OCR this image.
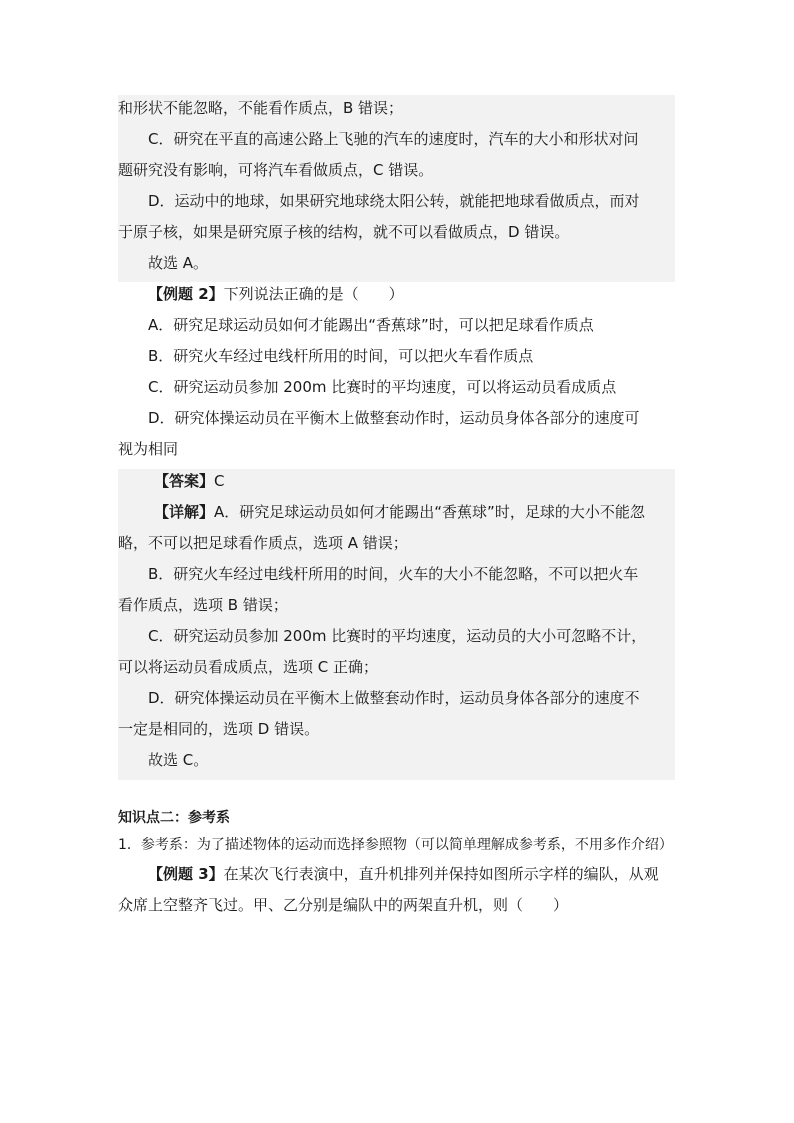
和形状不能忽略，不能看作质点，B 错误；
C．研究在平直的高速公路上飞驰的汽车的速度时，汽车的大小和形状对问
题研究没有影响，可将汽车看做质点，C 错误。
D．运动中的地球，如果研究地球绕太阳公转，就能把地球看做质点，而对
于原子核，如果是研究原子核的结构，就不可以看做质点，D 错误。
故选 A。
【例题 2】下列说法正确的是（　　）
A．研究足球运动员如何才能踢出“香蕉球”时，可以把足球看作质点
B．研究火车经过电线杆所用的时间，可以把火车看作质点
C．研究运动员参加 200m 比赛时的平均速度，可以将运动员看成质点
D．研究体操运动员在平衡木上做整套动作时，运动员身体各部分的速度可
视为相同
【答案】C
【详解】A．研究足球运动员如何才能踢出“香蕉球”时，足球的大小不能忽
略，不可以把足球看作质点，选项 A 错误；
B．研究火车经过电线杆所用的时间，火车的大小不能忽略，不可以把火车
看作质点，选项 B 错误；
C．研究运动员参加 200m 比赛时的平均速度，运动员的大小可忽略不计，
可以将运动员看成质点，选项 C 正确；
D．研究体操运动员在平衡木上做整套动作时，运动员身体各部分的速度不
一定是相同的，选项 D 错误。
故选 C。
知识点二：参考系
1．参考系：为了描述物体的运动而选择参照物（可以简单理解成参考系，不用多作介绍）
【例题 3】在某次飞行表演中，直升机排列并保持如图所示字样的编队，从观
众席上空整齐飞过。甲、乙分别是编队中的两架直升机，则（　　）
